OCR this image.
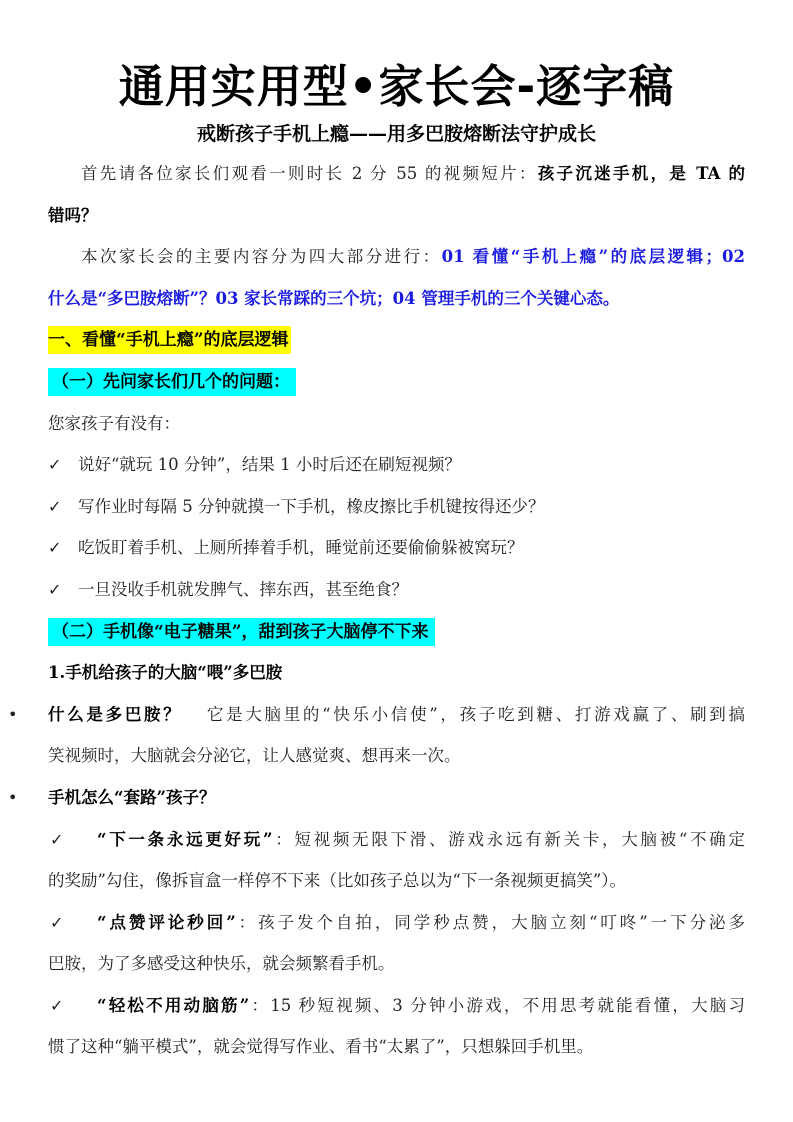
通用实用型•家长会-逐字稿
戒断孩子手机上瘾——用多巴胺熔断法守护成长
首先请各位家长们观看一则时长 2 分 55 的视频短片：孩子沉迷手机，是 TA 的
错吗？
本次家长会的主要内容分为四大部分进行：01 看懂“手机上瘾”的底层逻辑；02
什么是“多巴胺熔断”？03 家长常踩的三个坑；04 管理手机的三个关键心态。
一、看懂“手机上瘾”的底层逻辑
（一）先问家长们几个的问题：
您家孩子有没有：
✓ 说好“就玩 10 分钟”，结果 1 小时后还在刷短视频？
✓ 写作业时每隔 5 分钟就摸一下手机，橡皮擦比手机键按得还少？
✓ 吃饭盯着手机、上厕所捧着手机，睡觉前还要偷偷躲被窝玩？
✓ 一旦没收手机就发脾气、摔东西，甚至绝食？
（二）手机像“电子糖果”，甜到孩子大脑停不下来
1.手机给孩子的大脑“喂”多巴胺
• 什么是多巴胺？  它是大脑里的“快乐小信使”，孩子吃到糖、打游戏赢了、刷到搞
笑视频时，大脑就会分泌它，让人感觉爽、想再来一次。
• 手机怎么“套路”孩子？
✓ “下一条永远更好玩”：短视频无限下滑、游戏永远有新关卡，大脑被“不确定
的奖励”勾住，像拆盲盒一样停不下来（比如孩子总以为“下一条视频更搞笑”）。
✓ “点赞评论秒回”：孩子发个自拍，同学秒点赞，大脑立刻“叮咚”一下分泌多
巴胺，为了多感受这种快乐，就会频繁看手机。
✓ “轻松不用动脑筋”：15 秒短视频、3 分钟小游戏，不用思考就能看懂，大脑习
惯了这种“躺平模式”，就会觉得写作业、看书“太累了”，只想躲回手机里。
